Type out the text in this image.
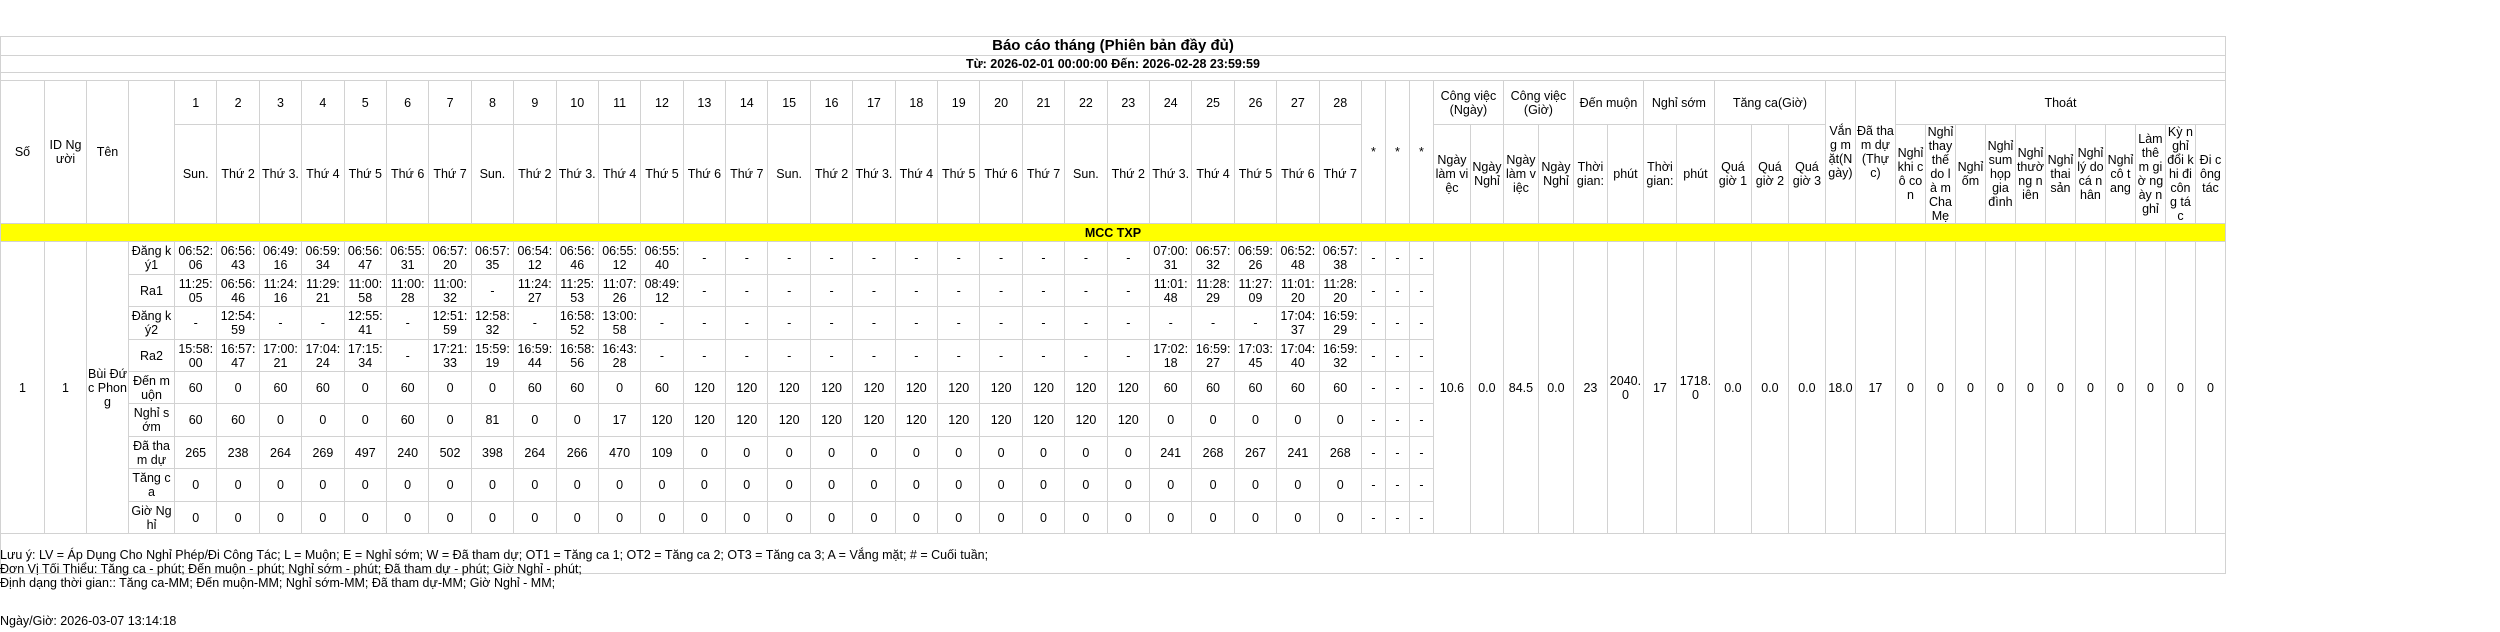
Báo cáo tháng (Phiên bản đầy đủ)																																																										
Từ: 2026-02-01 00:00:00 Đến: 2026-02-28 23:59:59																																																										

Số	ID Người	Tên		1	2	3	4	5	6	7	8	9	10	11	12	13	14	15	16	17	18	19	20	21	22	23	24	25	26	27	28	*	*	*	Công việc(Ngày)		Công việc(Giờ)		Đến muộn		Nghỉ sớm		Tăng ca(Giờ)			Vắng mặt(Ngày)	Đã tham dự(Thực)	Thoát										
				Sun.	Thứ 2	Thứ 3.	Thứ 4	Thứ 5	Thứ 6	Thứ 7	Sun.	Thứ 2	Thứ 3.	Thứ 4	Thứ 5	Thứ 6	Thứ 7	Sun.	Thứ 2	Thứ 3.	Thứ 4	Thứ 5	Thứ 6	Thứ 7	Sun.	Thứ 2	Thứ 3.	Thứ 4	Thứ 5	Thứ 6	Thứ 7				Ngày làm việc	Ngày Nghỉ	Ngày làm việc	Ngày Nghỉ	Thời gian:	phút	Thời gian:	phút	Quá giờ 1	Quá giờ 2	Quá giờ 3			Nghỉ khi cô con	Nghỉ thay thế do là m Cha Mẹ	Nghỉ ốm	Nghỉ sum họp gia đình	Nghỉ thường niên	Nghỉ thai sản	Nghỉ lý do cá nhân	Nghỉ cô tang	Làm thêm giờ ngày nghỉ	Kỳ nghỉ đổi khi đi công tác	Đi công tác
MCC TXP																																																										
1	1	Bùi Đức Phong	Đăng ký1	06:52:06	06:56:43	06:49:16	06:59:34	06:56:47	06:55:31	06:57:20	06:57:35	06:54:12	06:56:46	06:55:12	06:55:40	-	-	-	-	-	-	-	-	-	-	-	07:00:31	06:57:32	06:59:26	06:52:48	06:57:38	-	-	-	10.6	0.0	84.5	0.0	23	2040.0	17	1718.0	0.0	0.0	0.0	18.0	17	0	0	0	0	0	0	0	0	0	0	0
			Ra1	11:25:05	06:56:46	11:24:16	11:29:21	11:00:58	11:00:28	11:00:32	-	11:24:27	11:25:53	11:07:26	08:49:12	-	-	-	-	-	-	-	-	-	-	-	11:01:48	11:28:29	11:27:09	11:01:20	11:28:20	-	-	-																								
			Đăng ký2	-	12:54:59	-	-	12:55:41	-	12:51:59	12:58:32	-	16:58:52	13:00:58	-	-	-	-	-	-	-	-	-	-	-	-	-	-	-	17:04:37	16:59:29	-	-	-																								
			Ra2	15:58:00	16:57:47	17:00:21	17:04:24	17:15:34	-	17:21:33	15:59:19	16:59:44	16:58:56	16:43:28	-	-	-	-	-	-	-	-	-	-	-	-	17:02:18	16:59:27	17:03:45	17:04:40	16:59:32	-	-	-																								
			Đến muộn	60	0	60	60	0	60	0	0	60	60	0	60	120	120	120	120	120	120	120	120	120	120	120	60	60	60	60	60	-	-	-																								
			Nghỉ sớm	60	60	0	0	0	60	0	81	0	0	17	120	120	120	120	120	120	120	120	120	120	120	120	0	0	0	0	0	-	-	-																								
			Đã tham dự	265	238	264	269	497	240	502	398	264	266	470	109	0	0	0	0	0	0	0	0	0	0	0	241	268	267	241	268	-	-	-																								
			Tăng ca	0	0	0	0	0	0	0	0	0	0	0	0	0	0	0	0	0	0	0	0	0	0	0	0	0	0	0	0	-	-	-																								
			Giờ Nghỉ	0	0	0	0	0	0	0	0	0	0	0	0	0	0	0	0	0	0	0	0	0	0	0	0	0	0	0	0	-	-	-																								

Lưu ý: LV = Áp Dụng Cho Nghỉ Phép/Đi Công Tác; L = Muộn; E = Nghỉ sớm; W = Đã tham dự; OT1 = Tăng ca 1; OT2 = Tăng ca 2; OT3 = Tăng ca 3; A = Vắng mặt; # = Cuối tuần;
Đơn Vị Tối Thiểu: Tăng ca - phút; Đến muộn - phút; Nghỉ sớm - phút; Đã tham dự - phút; Giờ Nghỉ - phút;
Định dạng thời gian:: Tăng ca-MM; Đến muộn-MM; Nghỉ sớm-MM; Đã tham dự-MM; Giờ Nghỉ - MM;
Ngày/Giờ: 2026-03-07 13:14:18
